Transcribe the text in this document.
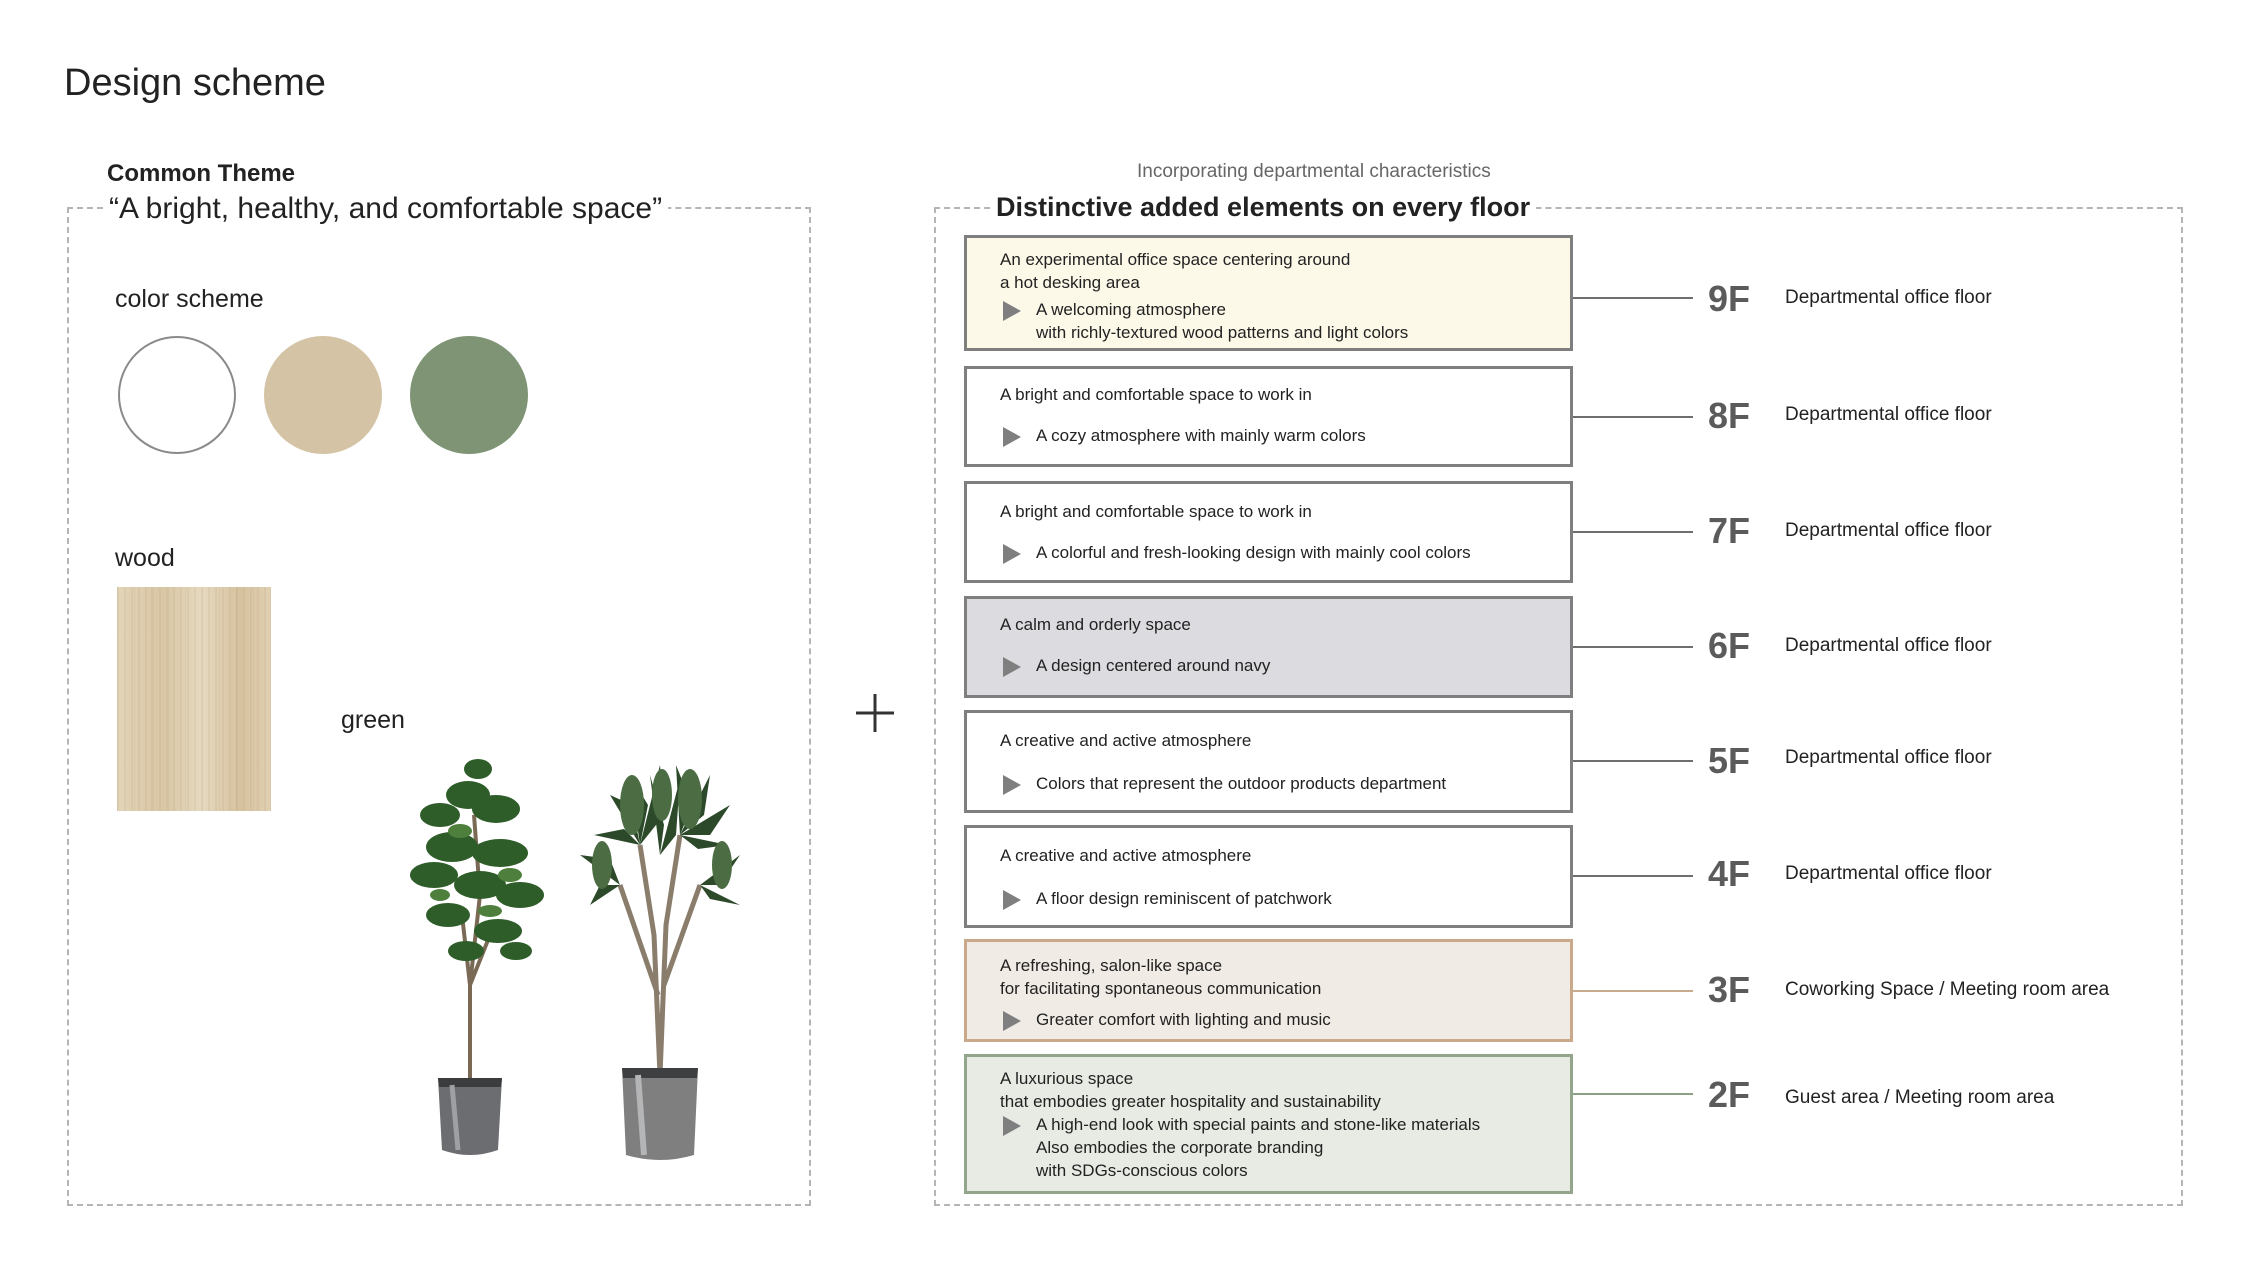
Design scheme
Common Theme
“A bright, healthy, and comfortable space”
color scheme
wood
green
Incorporating departmental characteristics
Distinctive added elements on every floor
An experimental office space centering around
a hot desking area
A welcoming atmosphere
with richly-textured wood patterns and light colors
9F Departmental office floor
A bright and comfortable space to work in
A cozy atmosphere with mainly warm colors	8F Departmental office floor
A bright and comfortable space to work in
A colorful and fresh-looking design with mainly cool colors
7F Departmental office floor
A calm and orderly space
A design centered around navy	6F Departmental office floor
A creative and active atmosphere
Colors that represent the outdoor products department
5F Departmental office floor
A creative and active atmosphere
A floor design reminiscent of patchwork
4F Departmental office floor
A refreshing, salon-like space
for facilitating spontaneous communication
Greater comfort with lighting and music
3F Coworking Space / Meeting room area
A luxurious space
that embodies greater hospitality and sustainability
A high-end look with special paints and stone-like materials
Also embodies the corporate branding
with SDGs-conscious colors
2F Guest area / Meeting room area
